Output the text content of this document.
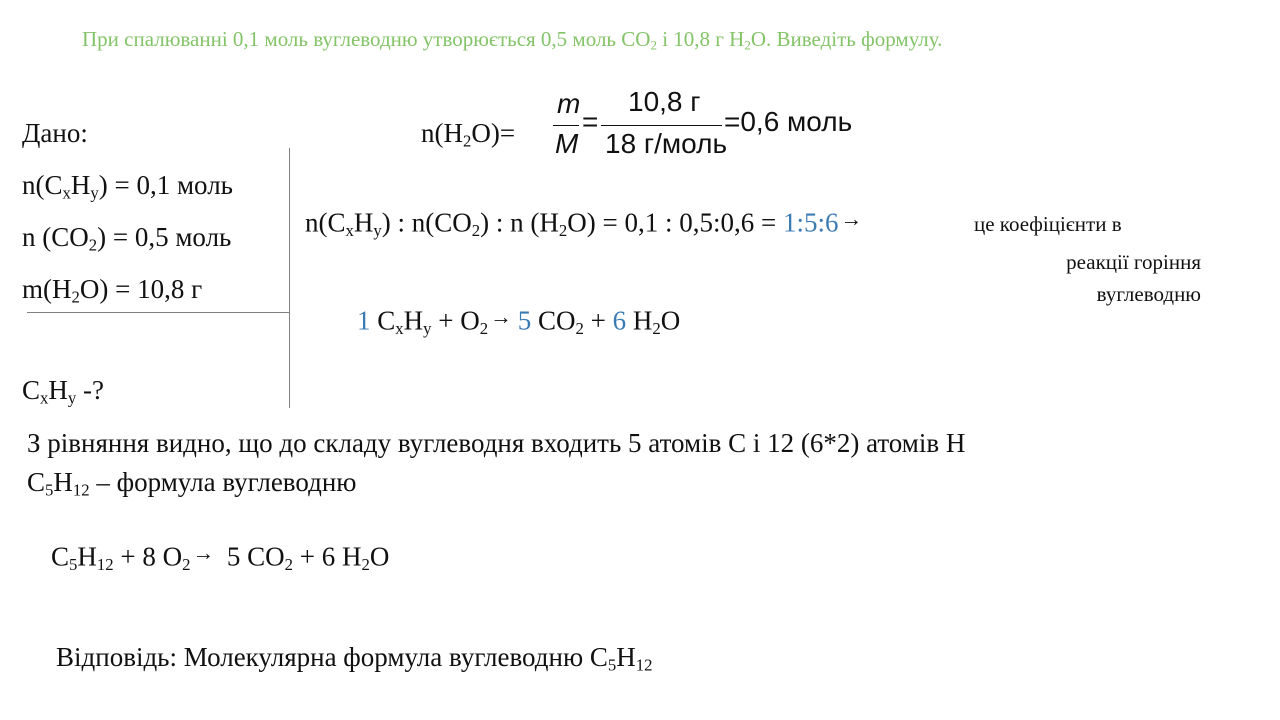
При спалюванні 0,1 моль вуглеводню утворюється 0,5 моль $СО_2$ і 10,8 г $Н_2О$. Виведіть формулу.
Дано:
$n(C_xH_y) = 0,1$ моль
n $(CO_2) = 0,5$ моль
$m(H_2O) = 10,8$ г
$C_xH_y$ -?
$n(H_2O)=$
m
M
=
10,8 г
18 г/моль
=0,6 моль
$n(C_xH_y)$ : $n(CO_2)$ : n $(H_2O) = 0,1$ : 0,5:0,6 = 1:5:6→	це коефіцієнти в
реакції горіння
вуглеводню
1 $C_xH_y + O_2\to 5$ $CO_2 + 6$ $H_2O$
З рівняння видно, що до складу вуглеводня входить 5 атомів С і 12 (6*2) атомів Н
$С_5Н_{12}$ – формула вуглеводню
$C_5H_{12} + 8$ $O_2\to 5$ $CO_2 + 6$ $H_2O$
Відповідь: Молекулярна формула вуглеводню $С_5Н_{12}$
